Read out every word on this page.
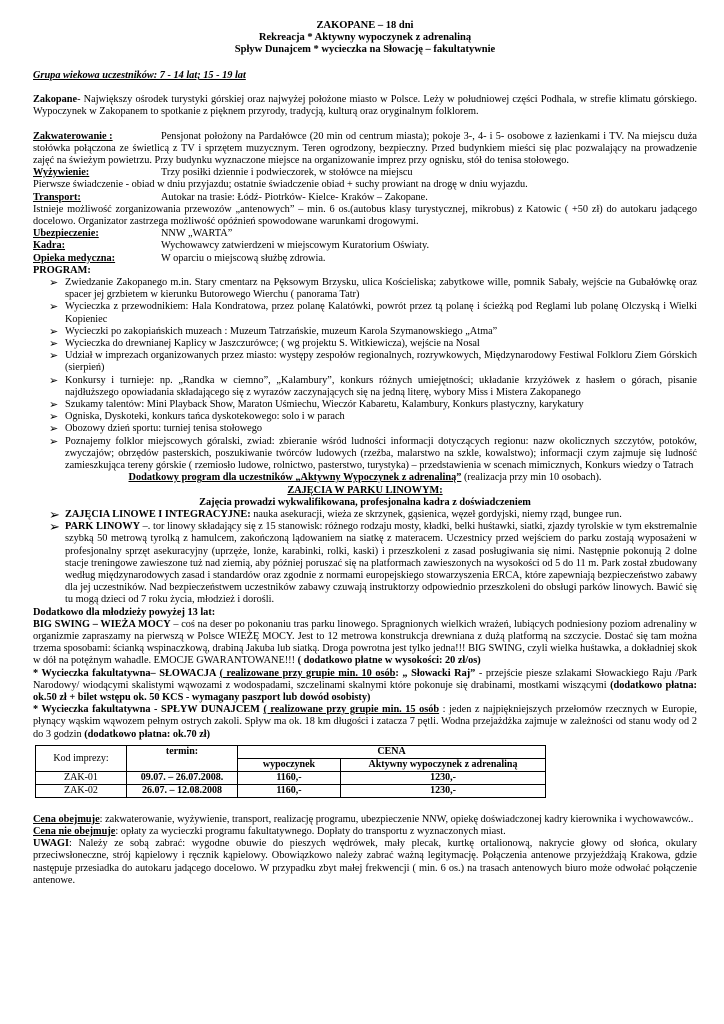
ZAKOPANE – 18 dni

Rekreacja * Aktywny wypoczynek z adrenaliną

Spływ Dunajcem * wycieczka na Słowację – fakultatywnie

Grupa wiekowa uczestników: 7 - 14 lat; 15 - 19 lat

Zakopane- Największy ośrodek turystyki górskiej oraz najwyżej położone miasto w Polsce. Leży w południowej części Podhala, w strefie klimatu górskiego. Wypoczynek w Zakopanem to spotkanie z pięknem przyrody, tradycją, kulturą oraz oryginalnym folklorem.

Zakwaterowanie :	Pensjonat położony na Pardałówce (20 min od centrum miasta); pokoje 3-, 4- i 5- osobowe z łazienkami i TV. Na miejscu duża stołówka połączona ze świetlicą z TV i sprzętem muzycznym. Teren ogrodzony, bezpieczny. Przed budynkiem mieści się plac pozwalający na prowadzenie zajęć na świeżym powietrzu. Przy budynku wyznaczone miejsce na organizowanie imprez przy ognisku, stół do tenisa stołowego.

Wyżywienie:	Trzy posiłki dziennie i podwieczorek, w stołówce na miejscu

Pierwsze świadczenie - obiad w dniu przyjazdu; ostatnie świadczenie obiad + suchy prowiant na drogę w dniu wyjazdu.

Transport:	Autokar na trasie: Łódź- Piotrków- Kielce- Kraków – Zakopane.

Istnieje możliwość zorganizowania przewozów „antenowych” – min. 6 os.(autobus klasy turystycznej, mikrobus) z Katowic ( +50 zł) do autokaru jadącego docelowo. Organizator zastrzega możliwość opóźnień spowodowane warunkami drogowymi.

Ubezpieczenie:	NNW „WARTA”
Kadra:	Wychowawcy zatwierdzeni w miejscowym Kuratorium Oświaty.
Opieka medyczna:	W oparciu o miejscową służbę zdrowia.

PROGRAM:

➢ Zwiedzanie Zakopanego m.in. Stary cmentarz na Pęksowym Brzysku, ulica Kościeliska; zabytkowe wille, pomnik Sabały, wejście na Gubałówkę oraz spacer jej grzbietem w kierunku Butorowego Wierchu ( panorama Tatr)
➢ Wycieczka z przewodnikiem: Hala Kondratowa, przez polanę Kalatówki, powrót przez tą polanę i ścieżką pod Reglami lub polanę Olczyską i Wielki Kopieniec
➢ Wycieczki po zakopiańskich muzeach : Muzeum Tatrzańskie, muzeum Karola Szymanowskiego „Atma”
➢ Wycieczka do drewnianej Kaplicy w Jaszczurówce; ( wg projektu S. Witkiewicza), wejście na Nosal
➢ Udział w imprezach organizowanych przez miasto: występy zespołów regionalnych, rozrywkowych, Międzynarodowy Festiwal Folkloru Ziem Górskich (sierpień)
➢ Konkursy i turnieje: np. „Randka w ciemno”, „Kalambury”, konkurs różnych umiejętności; układanie krzyżówek z hasłem o górach, pisanie najdłuższego opowiadania składającego się z wyrazów zaczynających się na jedną literę, wybory Miss i Mistera Zakopanego
➢ Szukamy talentów: Mini Playback Show, Maraton Uśmiechu, Wieczór Kabaretu, Kalambury, Konkurs plastyczny, karykatury
➢ Ogniska, Dyskoteki, konkurs tańca dyskotekowego: solo i w parach
➢ Obozowy dzień sportu: turniej tenisa stołowego
➢ Poznajemy folklor miejscowych góralski, zwiad: zbieranie wśród ludności informacji dotyczących regionu: nazw okolicznych szczytów, potoków, zwyczajów; obrzędów pasterskich, poszukiwanie twórców ludowych (rzeźba, malarstwo na szkle, kowalstwo); informacji czym zajmuje się ludność zamieszkująca tereny górskie ( rzemiosło ludowe, rolnictwo, pasterstwo, turystyka) – przedstawienia w scenach mimicznych, Konkurs wiedzy o Tatrach

Dodatkowy program dla uczestników „Aktywny Wypoczynek z adrenaliną” (realizacja przy min 10 osobach).

ZAJĘCIA W PARKU LINOWYM:

Zajęcia prowadzi wykwalifikowana, profesjonalna kadra z doświadczeniem

➢ ZAJĘCIA LINOWE I INTEGRACYJNE: nauka asekuracji, wieża ze skrzynek, gąsienica, węzeł gordyjski, niemy rząd, bungee run.
➢ PARK LINOWY –. tor linowy składający się z 15 stanowisk: różnego rodzaju mosty, kładki, belki huśtawki, siatki, zjazdy tyrolskie w tym ekstremalnie szybką 50 metrową tyrolką z hamulcem, zakończoną lądowaniem na siatkę z materacem. Uczestnicy przed wejściem do parku zostają wyposażeni w profesjonalny sprzęt asekuracyjny (uprzęże, lonże, karabinki, rolki, kaski) i przeszkoleni z zasad posługiwania się nimi. Następnie pokonują 2 dolne stacje treningowe zawieszone tuż nad ziemią, aby później poruszać się na platformach zawieszonych na wysokości od 5 do 11 m. Park został zbudowany według międzynarodowych zasad i standardów oraz zgodnie z normami europejskiego stowarzyszenia ERCA, które zapewniają bezpieczeństwo zabawy dla jej uczestników. Nad bezpieczeństwem uczestników zabawy czuwają instruktorzy odpowiednio przeszkoleni do obsługi parków linowych. Bawić się tu mogą dzieci od 7 roku życia, młodzież i dorośli.

Dodatkowo dla młodzieży powyżej 13 lat:

BIG SWING – WIEŻA MOCY – coś na deser po pokonaniu tras parku linowego. Spragnionych wielkich wrażeń, lubiących podniesiony poziom adrenaliny w organizmie zapraszamy na pierwszą w Polsce WIEŻĘ MOCY. Jest to 12 metrowa konstrukcja drewniana z dużą platformą na szczycie. Dostać się tam można trzema sposobami: ścianką wspinaczkową, drabiną Jakuba lub siatką. Droga powrotna jest tylko jedna!!! BIG SWING, czyli wielka huśtawka, a dokładniej skok w dół na potężnym wahadle. EMOCJE GWARANTOWANE!!! ( dodatkowo płatne w wysokości: 20 zł/os)

* Wycieczka fakultatywna– SŁOWACJA ( realizowane przy grupie min. 10 osób: „ Słowacki Raj” - przejście piesze szlakami Słowackiego Raju /Park Narodowy/ wiodącymi skalistymi wąwozami z wodospadami, szczelinami skalnymi które pokonuje się drabinami, mostkami wiszącymi (dodatkowo płatna: ok.50 zł + bilet wstępu ok. 50 KCS - wymagany paszport lub dowód osobisty)

* Wycieczka fakultatywna - SPŁYW DUNAJCEM ( realizowane przy grupie min. 15 osób : jeden z najpiękniejszych przełomów rzecznych w Europie, płynący wąskim wąwozem pełnym ostrych zakoli. Spływ ma ok. 18 km długości i zatacza 7 pętli. Wodna przejażdżka zajmuje w zależności od stanu wody od 2 do 3 godzin (dodatkowo płatna: ok.70 zł)

Kod imprezy:	termin:	CENA	
		wypoczynek	Aktywny wypoczynek z adrenaliną
ZAK-01	09.07. – 26.07.2008.	1160,-	1230,-
ZAK-02	26.07. – 12.08.2008	1160,-	1230,-

Cena obejmuje: zakwaterowanie, wyżywienie, transport, realizację programu, ubezpieczenie NNW, opiekę doświadczonej kadry kierownika i wychowawców..

Cena nie obejmuje: opłaty za wycieczki programu fakultatywnego. Dopłaty do transportu z wyznaczonych miast.

UWAGI: Należy ze sobą zabrać: wygodne obuwie do pieszych wędrówek, mały plecak, kurtkę ortalionową, nakrycie głowy od słońca, okulary przeciwsłoneczne, strój kąpielowy i ręcznik kąpielowy. Obowiązkowo należy zabrać ważną legitymację. Połączenia antenowe przyjeżdżają Krakowa, gdzie następuje przesiadka do autokaru jadącego docelowo. W przypadku zbyt małej frekwencji ( min. 6 os.) na trasach antenowych biuro może odwołać połączenie antenowe.
